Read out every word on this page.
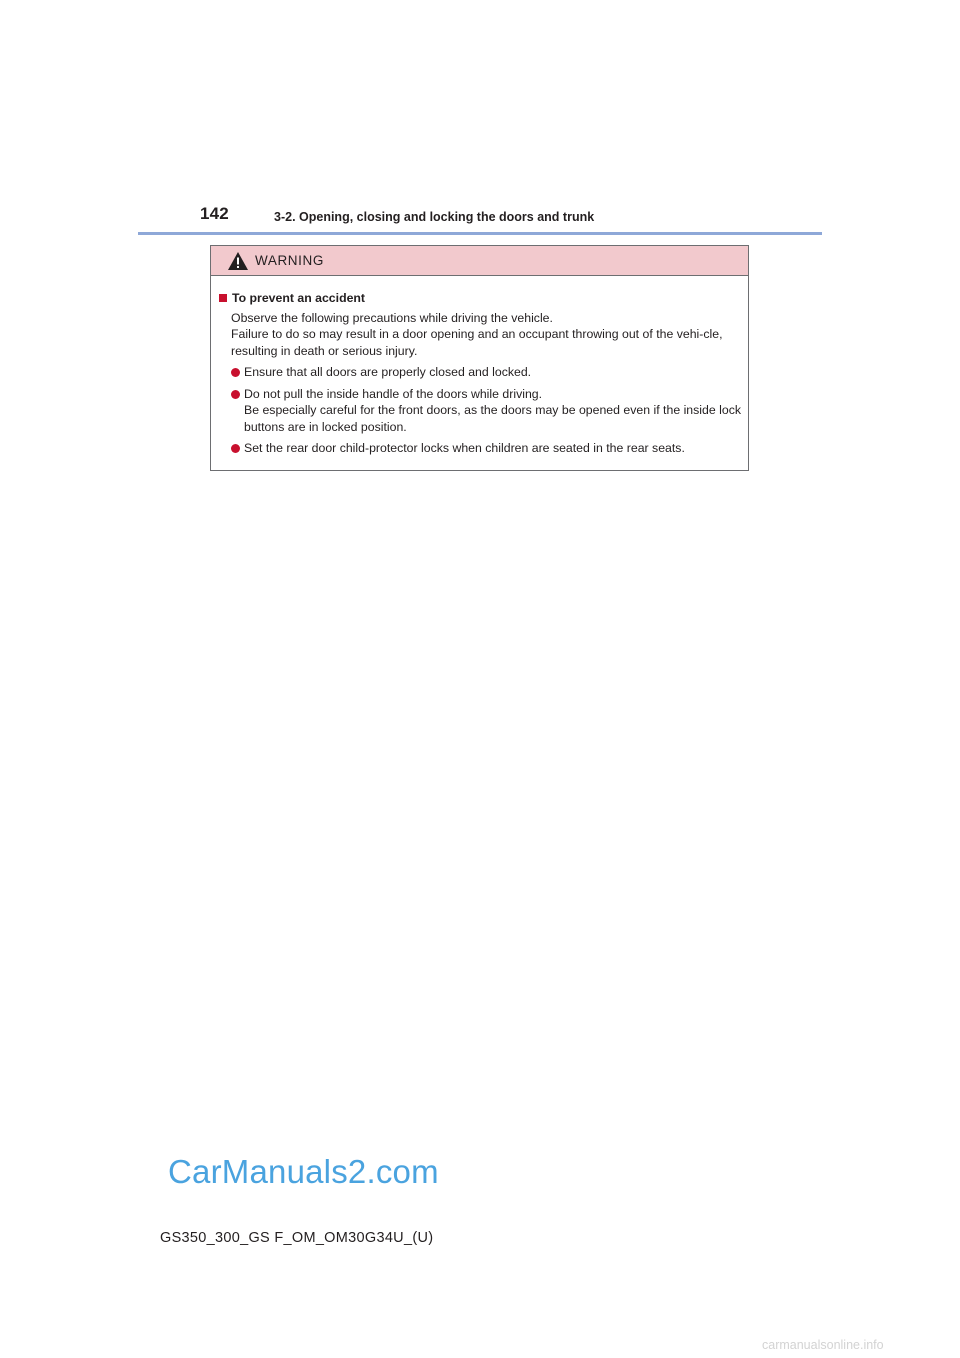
142	3-2. Opening, closing and locking the doors and trunk
WARNING
To prevent an accident
Observe the following precautions while driving the vehicle.
Failure to do so may result in a door opening and an occupant throwing out of the vehi-cle, resulting in death or serious injury.
Ensure that all doors are properly closed and locked.
Do not pull the inside handle of the doors while driving.
Be especially careful for the front doors, as the doors may be opened even if the inside lock buttons are in locked position.
Set the rear door child-protector locks when children are seated in the rear seats.
CarManuals2.com
GS350_300_GS F_OM_OM30G34U_(U)
carmanualsonline.info
